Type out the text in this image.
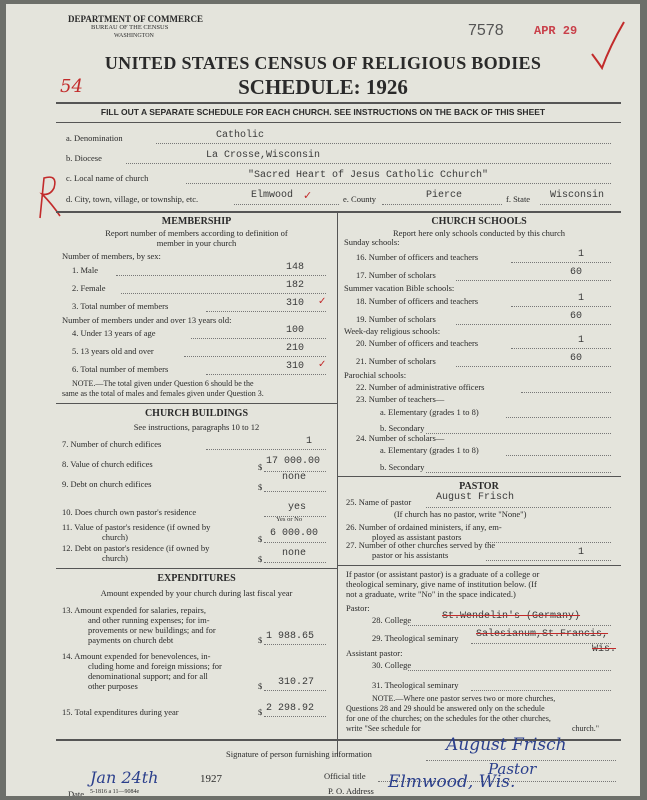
DEPARTMENT OF COMMERCE
BUREAU OF THE CENSUS
WASHINGTON	7578	APR 29
54
UNITED STATES CENSUS OF RELIGIOUS BODIES
SCHEDULE: 1926
FILL OUT A SEPARATE SCHEDULE FOR EACH CHURCH. SEE INSTRUCTIONS ON THE BACK OF THIS SHEET
a. Denomination	Catholic
b. Diocese	La Crosse,Wisconsin
c. Local name of church	"Sacred Heart of Jesus Catholic Cchurch"
d. City, town, village, or township, etc.	Elmwood ✓	e. County	Pierce	f. State Wisconsin
MEMBERSHIP
Report number of members according to definition of
member in your church
Number of members, by sex:
1. Male	148
2. Female	182
3. Total number of members	310 ✓
Number of members under and over 13 years old:
4. Under 13 years of age	100
5. 13 years old and over	210
6. Total number of members	310 ✓
NOTE.—The total given under Question 6 should be the
same as the total of males and females given under Question 3.
CHURCH BUILDINGS
See instructions, paragraphs 10 to 12
7. Number of church edifices	1
8. Value of church edifices	$ 17 000.00
9. Debt on church edifices	$
none
10. Does church own pastor's residence	yes
Yes or No
11. Value of pastor's residence (if owned by
church)	$ 6 000.00
12. Debt on pastor's residence (if owned by
church)	$ none
EXPENDITURES
Amount expended by your church during last fiscal year
13. Amount expended for salaries, repairs,
and other running expenses; for im-
provements or new buildings; and for
payments on church debt	$ 1 988.65
14. Amount expended for benevolences, in-
cluding home and foreign missions; for
denominational support; and for all
other purposes	$ 310.27
15. Total expenditures during year	$ 2 298.92
CHURCH SCHOOLS
Report here only schools conducted by this church
Sunday schools:
16. Number of officers and teachers	1
17. Number of scholars	60
Summer vacation Bible schools:
18. Number of officers and teachers	1
19. Number of scholars	60
Week-day religious schools:
20. Number of officers and teachers	1
21. Number of scholars	60
Parochial schools:
22. Number of administrative officers
23. Number of teachers—
a. Elementary (grades 1 to 8)
b. Secondary
24. Number of scholars—
a. Elementary (grades 1 to 8)
b. Secondary
PASTOR
25. Name of pastor August Frisch
(If church has no pastor, write "None")
26. Number of ordained ministers, if any, em-
ployed as assistant pastors
27. Number of other churches served by the
pastor or his assistants	1
If pastor (or assistant pastor) is a graduate of a college or
theological seminary, give name of institution below. (If
not a graduate, write "No" in the space indicated.)
Pastor:
28. College	St.Wendelin's (Germany)
29. Theological seminary Salesianum,St.Francis,
Wis.
Assistant pastor:
30. College
31. Theological seminary
NOTE.—Where one pastor serves two or more churches,
Questions 28 and 29 should be answered only on the schedule
for one of the churches; on the schedules for the other churches,
write "See schedule for	church."
Signature of person furnishing information	August Frisch
Official title	Pastor
Date
Jan 24th	1927
5-1816 a 11—9084e	P. O. Address Elmwood, Wis.
